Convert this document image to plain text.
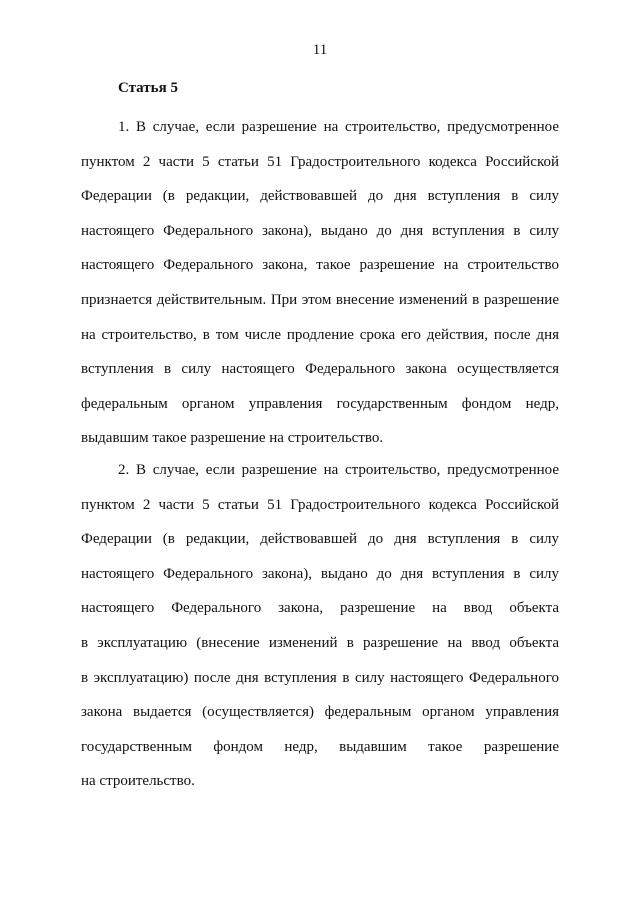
11
Статья 5
1. В случае, если разрешение на строительство, предусмотренное
пунктом 2 части 5 статьи 51 Градостроительного кодекса Российской
Федерации (в редакции, действовавшей до дня вступления в силу
настоящего Федерального закона), выдано до дня вступления в силу
настоящего Федерального закона, такое разрешение на строительство
признается действительным. При этом внесение изменений в разрешение
на строительство, в том числе продление срока его действия, после дня
вступления в силу настоящего Федерального закона осуществляется
федеральным органом управления государственным фондом недр,
выдавшим такое разрешение на строительство.
2. В случае, если разрешение на строительство, предусмотренное
пунктом 2 части 5 статьи 51 Градостроительного кодекса Российской
Федерации (в редакции, действовавшей до дня вступления в силу
настоящего Федерального закона), выдано до дня вступления в силу
настоящего Федерального закона, разрешение на ввод объекта
в эксплуатацию (внесение изменений в разрешение на ввод объекта
в эксплуатацию) после дня вступления в силу настоящего Федерального
закона выдается (осуществляется) федеральным органом управления
государственным фондом недр, выдавшим такое разрешение
на строительство.
